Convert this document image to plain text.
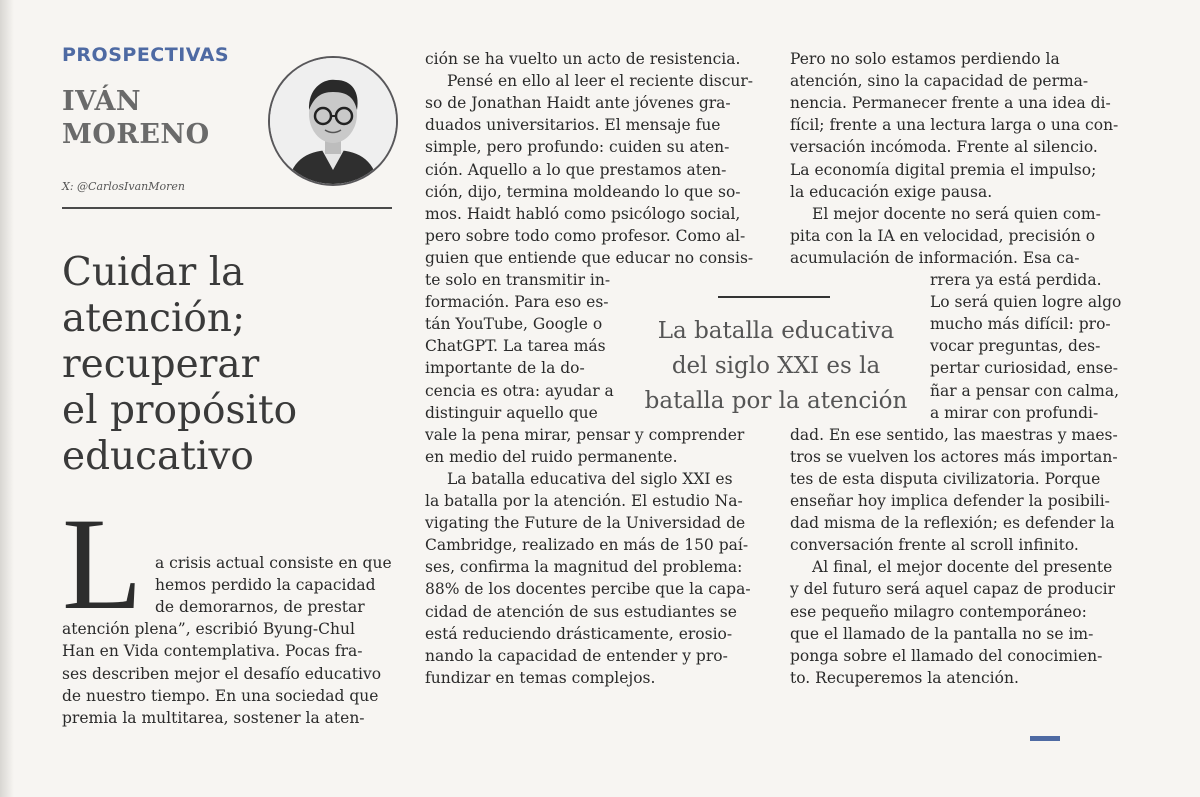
PROSPECTIVAS
IVÁN
MORENO
X: @CarlosIvanMoren
Cuidar la
atención;
recuperar
el propósito
educativo
L a crisis actual consiste en que
hemos perdido la capacidad
de demorarnos, de prestar
atención plena”, escribió Byung-Chul
Han en Vida contemplativa. Pocas fra-
ses describen mejor el desafío educativo
de nuestro tiempo. En una sociedad que
premia la multitarea, sostener la aten-
ción se ha vuelto un acto de resistencia.
Pensé en ello al leer el reciente discur-
so de Jonathan Haidt ante jóvenes gra-
duados universitarios. El mensaje fue
simple, pero profundo: cuiden su aten-
ción. Aquello a lo que prestamos aten-
ción, dijo, termina moldeando lo que so-
mos. Haidt habló como psicólogo social,
pero sobre todo como profesor. Como al-
guien que entiende que educar no consis-
te solo en transmitir in-
formación. Para eso es-
tán YouTube, Google o
ChatGPT. La tarea más
importante de la do-
cencia es otra: ayudar a
distinguir aquello que
vale la pena mirar, pensar y comprender
en medio del ruido permanente.
La batalla educativa del siglo XXI es
la batalla por la atención. El estudio Na-
vigating the Future de la Universidad de
Cambridge, realizado en más de 150 paí-
ses, confirma la magnitud del problema:
88% de los docentes percibe que la capa-
cidad de atención de sus estudiantes se
está reduciendo drásticamente, erosio-
nando la capacidad de entender y pro-
fundizar en temas complejos.
Pero no solo estamos perdiendo la
atención, sino la capacidad de perma-
nencia. Permanecer frente a una idea di-
fícil; frente a una lectura larga o una con-
versación incómoda. Frente al silencio.
La economía digital premia el impulso;
la educación exige pausa.
El mejor docente no será quien com-
pita con la IA en velocidad, precisión o
acumulación de información. Esa ca-
rrera ya está perdida.
Lo será quien logre algo
mucho más difícil: pro-
vocar preguntas, des-
pertar curiosidad, ense-
ñar a pensar con calma,
a mirar con profundi-
dad. En ese sentido, las maestras y maes-
tros se vuelven los actores más importan-
tes de esta disputa civilizatoria. Porque
enseñar hoy implica defender la posibili-
dad misma de la reflexión; es defender la
conversación frente al scroll infinito.
Al final, el mejor docente del presente
y del futuro será aquel capaz de producir
ese pequeño milagro contemporáneo:
que el llamado de la pantalla no se im-
ponga sobre el llamado del conocimien-
to. Recuperemos la atención.
La batalla educativa
del siglo XXI es la
batalla por la atención
